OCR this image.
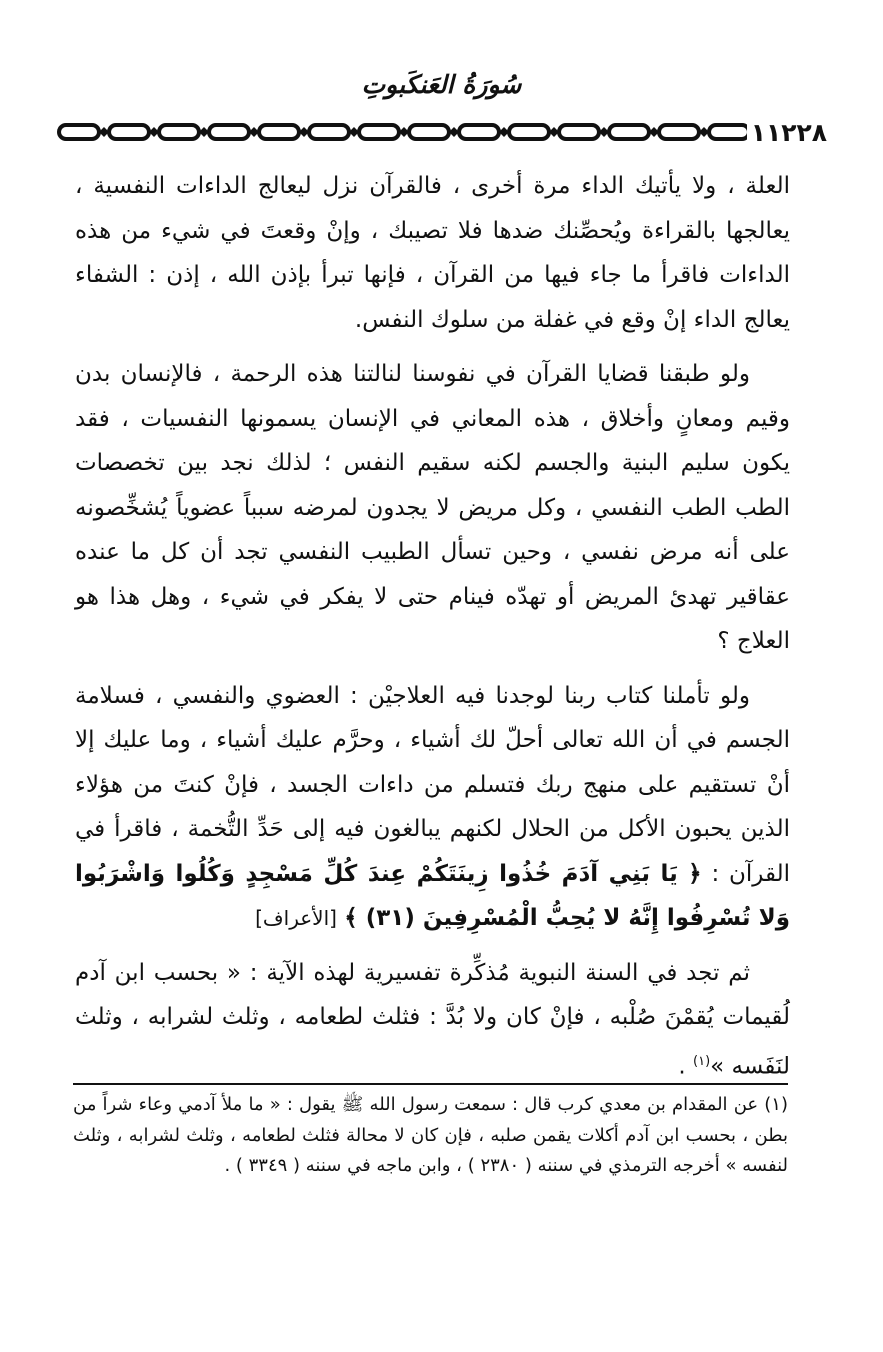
سُورَةُ العَنكَبوتِ
١١٢٢٨

العلة ، ولا يأتيك الداء مرة أخرى ، فالقرآن نزل ليعالج الداءات النفسية ، يعالجها بالقراءة ويُحصِّنك ضدها فلا تصيبك ، وإنْ وقعتَ في شيء من هذه الداءات فاقرأ ما جاء فيها من القرآن ، فإنها تبرأ بإذن الله ، إذن : الشفاء يعالج الداء إنْ وقع في غفلة من سلوك النفس.

ولو طبقنا قضايا القرآن في نفوسنا لنالتنا هذه الرحمة ، فالإنسان بدن وقيم ومعانٍ وأخلاق ، هذه المعاني في الإنسان يسمونها النفسيات ، فقد يكون سليم البنية والجسم لكنه سقيم النفس ؛ لذلك نجد بين تخصصات الطب الطب النفسي ، وكل مريض لا يجدون لمرضه سبباً عضوياً يُشخِّصونه على أنه مرض نفسي ، وحين تسأل الطبيب النفسي تجد أن كل ما عنده عقاقير تهدئ المريض أو تهدّه فينام حتى لا يفكر في شيء ، وهل هذا هو العلاج ؟

ولو تأملنا كتاب ربنا لوجدنا فيه العلاجيْن : العضوي والنفسي ، فسلامة الجسم في أن الله تعالى أحلّ لك أشياء ، وحرَّم عليك أشياء ، وما عليك إلا أنْ تستقيم على منهج ربك فتسلم من داءات الجسد ، فإنْ كنتَ من هؤلاء الذين يحبون الأكل من الحلال لكنهم يبالغون فيه إلى حَدِّ التُّخمة ، فاقرأ في القرآن : ﴿ يَا بَنِي آدَمَ خُذُوا زِينَتَكُمْ عِندَ كُلِّ مَسْجِدٍ وَكُلُوا وَاشْرَبُوا وَلا تُسْرِفُوا إِنَّهُ لا يُحِبُّ الْمُسْرِفِينَ (٣١) ﴾ [الأعراف]

ثم تجد في السنة النبوية مُذكِّرة تفسيرية لهذه الآية : « بحسب ابن آدم لُقيمات يُقمْنَ صُلْبه ، فإنْ كان ولا بُدَّ : فثلث لطعامه ، وثلث لشرابه ، وثلث لنَفَسه »$^{(١)}$ .

(١) عن المقدام بن معدي كرب قال : سمعت رسول الله ﷺ يقول : « ما ملأ آدمي وعاء شراً من بطن ، بحسب ابن آدم أكلات يقمن صلبه ، فإن كان لا محالة فثلث لطعامه ، وثلث لشرابه ، وثلث لنفسه » أخرجه الترمذي في سننه ( ٢٣٨٠ ) ، وابن ماجه في سننه ( ٣٣٤٩ ) .
